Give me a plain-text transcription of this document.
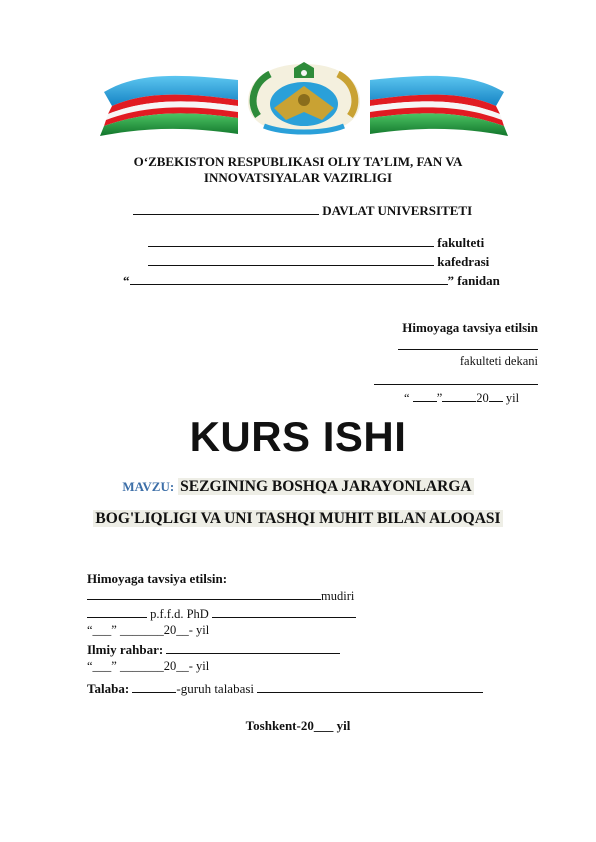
O‘ZBEKISTON RESPUBLIKASI OLIY TA’LIM, FAN VA
INNOVATSIYALAR VAZIRLIGI
DAVLAT UNIVERSITETI
fakulteti
kafedrasi
“	” fanidan
Himoyaga tavsiya etilsin
fakulteti dekani
“ ”	20 yil
KURS ISHI
MAVZU: SEZGINING BOSHQA JARAYONLARGA
BOG'LIQLIGI VA UNI TASHQI MUHIT BILAN ALOQASI
Himoyaga tavsiya etilsin:
mudiri
p.f.f.d. PhD
“___” _______20__- yil
Ilmiy rahbar:
“___” _______20__- yil
Talaba:	-guruh talabasi
Toshkent-20___ yil
